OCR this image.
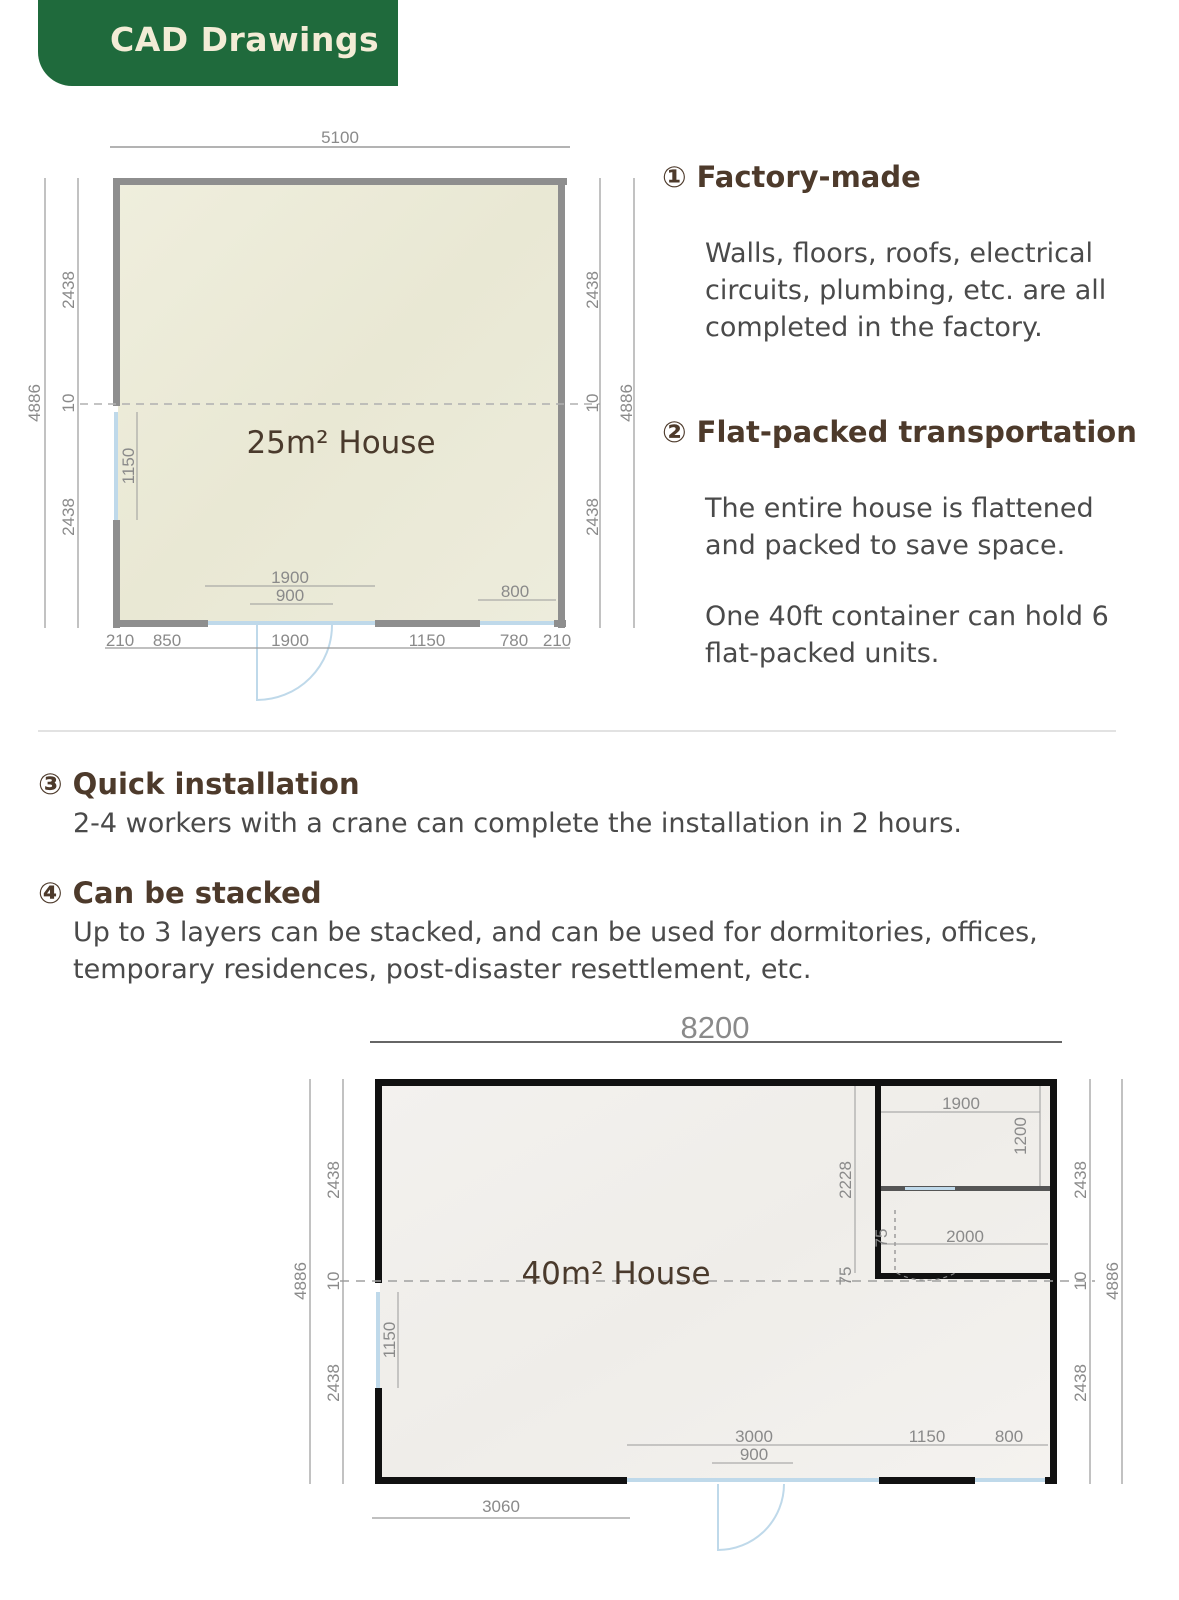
CAD Drawings
① Factory-made
Walls, floors, roofs, electrical circuits, plumbing, etc. are all completed in the factory.
② Flat-packed transportation
The entire house is flattened and packed to save space.
One 40ft container can hold 6 flat-packed units.
③ Quick installation
2-4 workers with a crane can complete the installation in 2 hours.
④ Can be stacked
Up to 3 layers can be stacked, and can be used for dormitories, offices, temporary residences, post-disaster resettlement, etc.
5100
4886
2438
10
2438
1150
2438
10
2438
4886
210 850	1900	1150	780 210
1900
900	800
25m² House
8200
4886
2438
10
2438
1150
2228
1900
1200
2000
75
75
2438
10
2438
4886
3000
900
1150	800
3060
40m² House
